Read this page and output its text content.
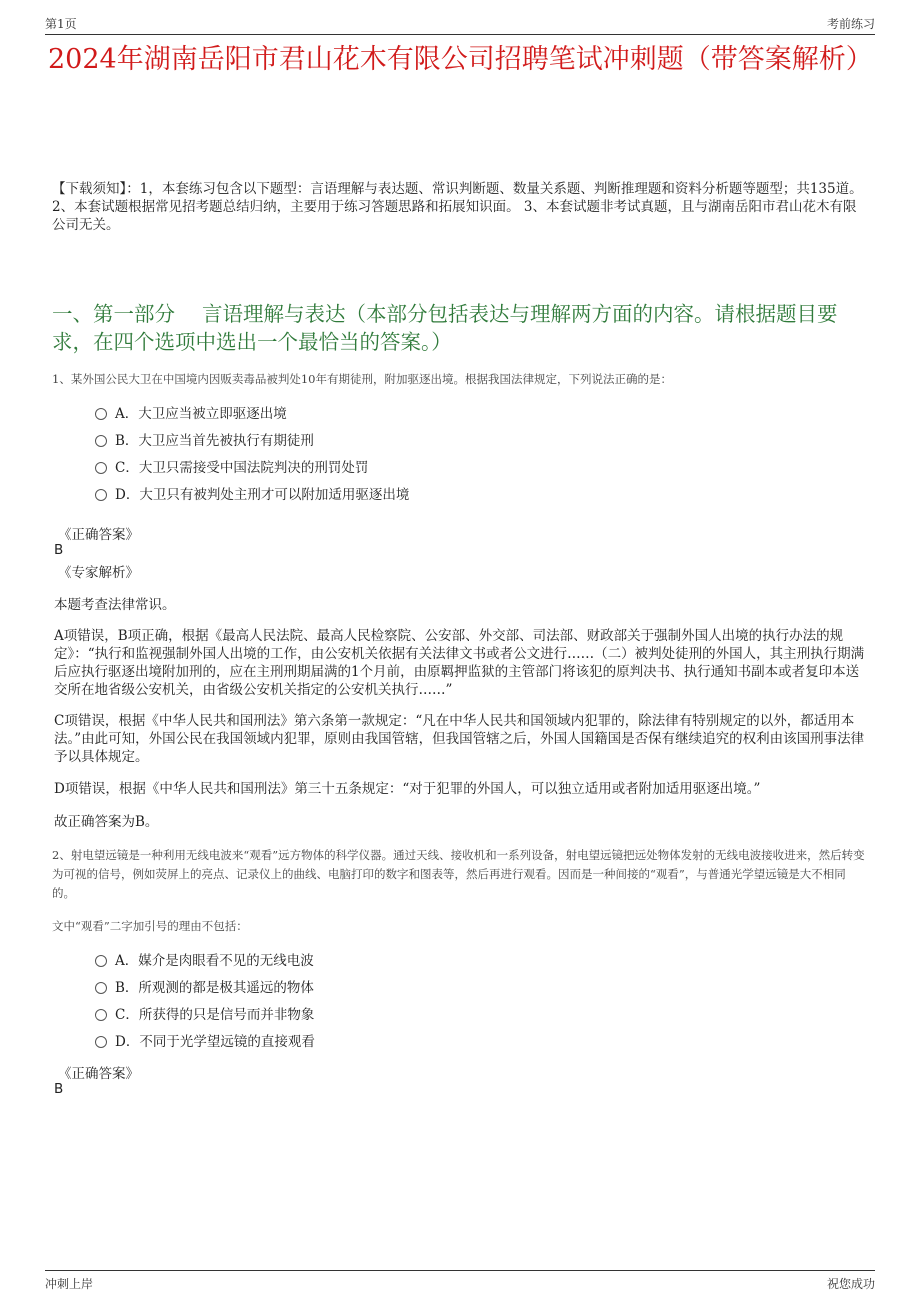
第1页	考前练习
2024年湖南岳阳市君山花木有限公司招聘笔试冲刺题（带答案解析）
【下载须知】：1，本套练习包含以下题型：言语理解与表达题、常识判断题、数量关系题、判断推理题和资料分析题等题型；共135道。 2、本套试题根据常见招考题总结归纳，主要用于练习答题思路和拓展知识面。 3、本套试题非考试真题，且与湖南岳阳市君山花木有限公司无关。
一、第一部分　 言语理解与表达（本部分包括表达与理解两方面的内容。请根据题目要求，在四个选项中选出一个最恰当的答案。）
1、某外国公民大卫在中国境内因贩卖毒品被判处10年有期徒刑，附加驱逐出境。根据我国法律规定，下列说法正确的是：
A．大卫应当被立即驱逐出境
B．大卫应当首先被执行有期徒刑
C．大卫只需接受中国法院判决的刑罚处罚
D．大卫只有被判处主刑才可以附加适用驱逐出境
《正确答案》
B
《专家解析》
本题考查法律常识。
A项错误，B项正确，根据《最高人民法院、最高人民检察院、公安部、外交部、司法部、财政部关于强制外国人出境的执行办法的规定》：“执行和监视强制外国人出境的工作，由公安机关依据有关法律文书或者公文进行……（二）被判处徒刑的外国人，其主刑执行期满后应执行驱逐出境附加刑的，应在主刑刑期届满的1个月前，由原羁押监狱的主管部门将该犯的原判决书、执行通知书副本或者复印本送交所在地省级公安机关，由省级公安机关指定的公安机关执行……”
C项错误，根据《中华人民共和国刑法》第六条第一款规定：“凡在中华人民共和国领域内犯罪的，除法律有特别规定的以外，都适用本法。”由此可知，外国公民在我国领域内犯罪，原则由我国管辖，但我国管辖之后，外国人国籍国是否保有继续追究的权利由该国刑事法律予以具体规定。
D项错误，根据《中华人民共和国刑法》第三十五条规定：“对于犯罪的外国人，可以独立适用或者附加适用驱逐出境。”
故正确答案为B。
2、射电望远镜是一种利用无线电波来“观看”远方物体的科学仪器。通过天线、接收机和一系列设备，射电望远镜把远处物体发射的无线电波接收进来，然后转变为可视的信号，例如荧屏上的亮点、记录仪上的曲线、电脑打印的数字和图表等，然后再进行观看。因而是一种间接的“观看”，与普通光学望远镜是大不相同的。
文中“观看”二字加引号的理由不包括：
A．媒介是肉眼看不见的无线电波
B．所观测的都是极其遥远的物体
C．所获得的只是信号而并非物象
D．不同于光学望远镜的直接观看
《正确答案》
B
冲刺上岸	祝您成功
